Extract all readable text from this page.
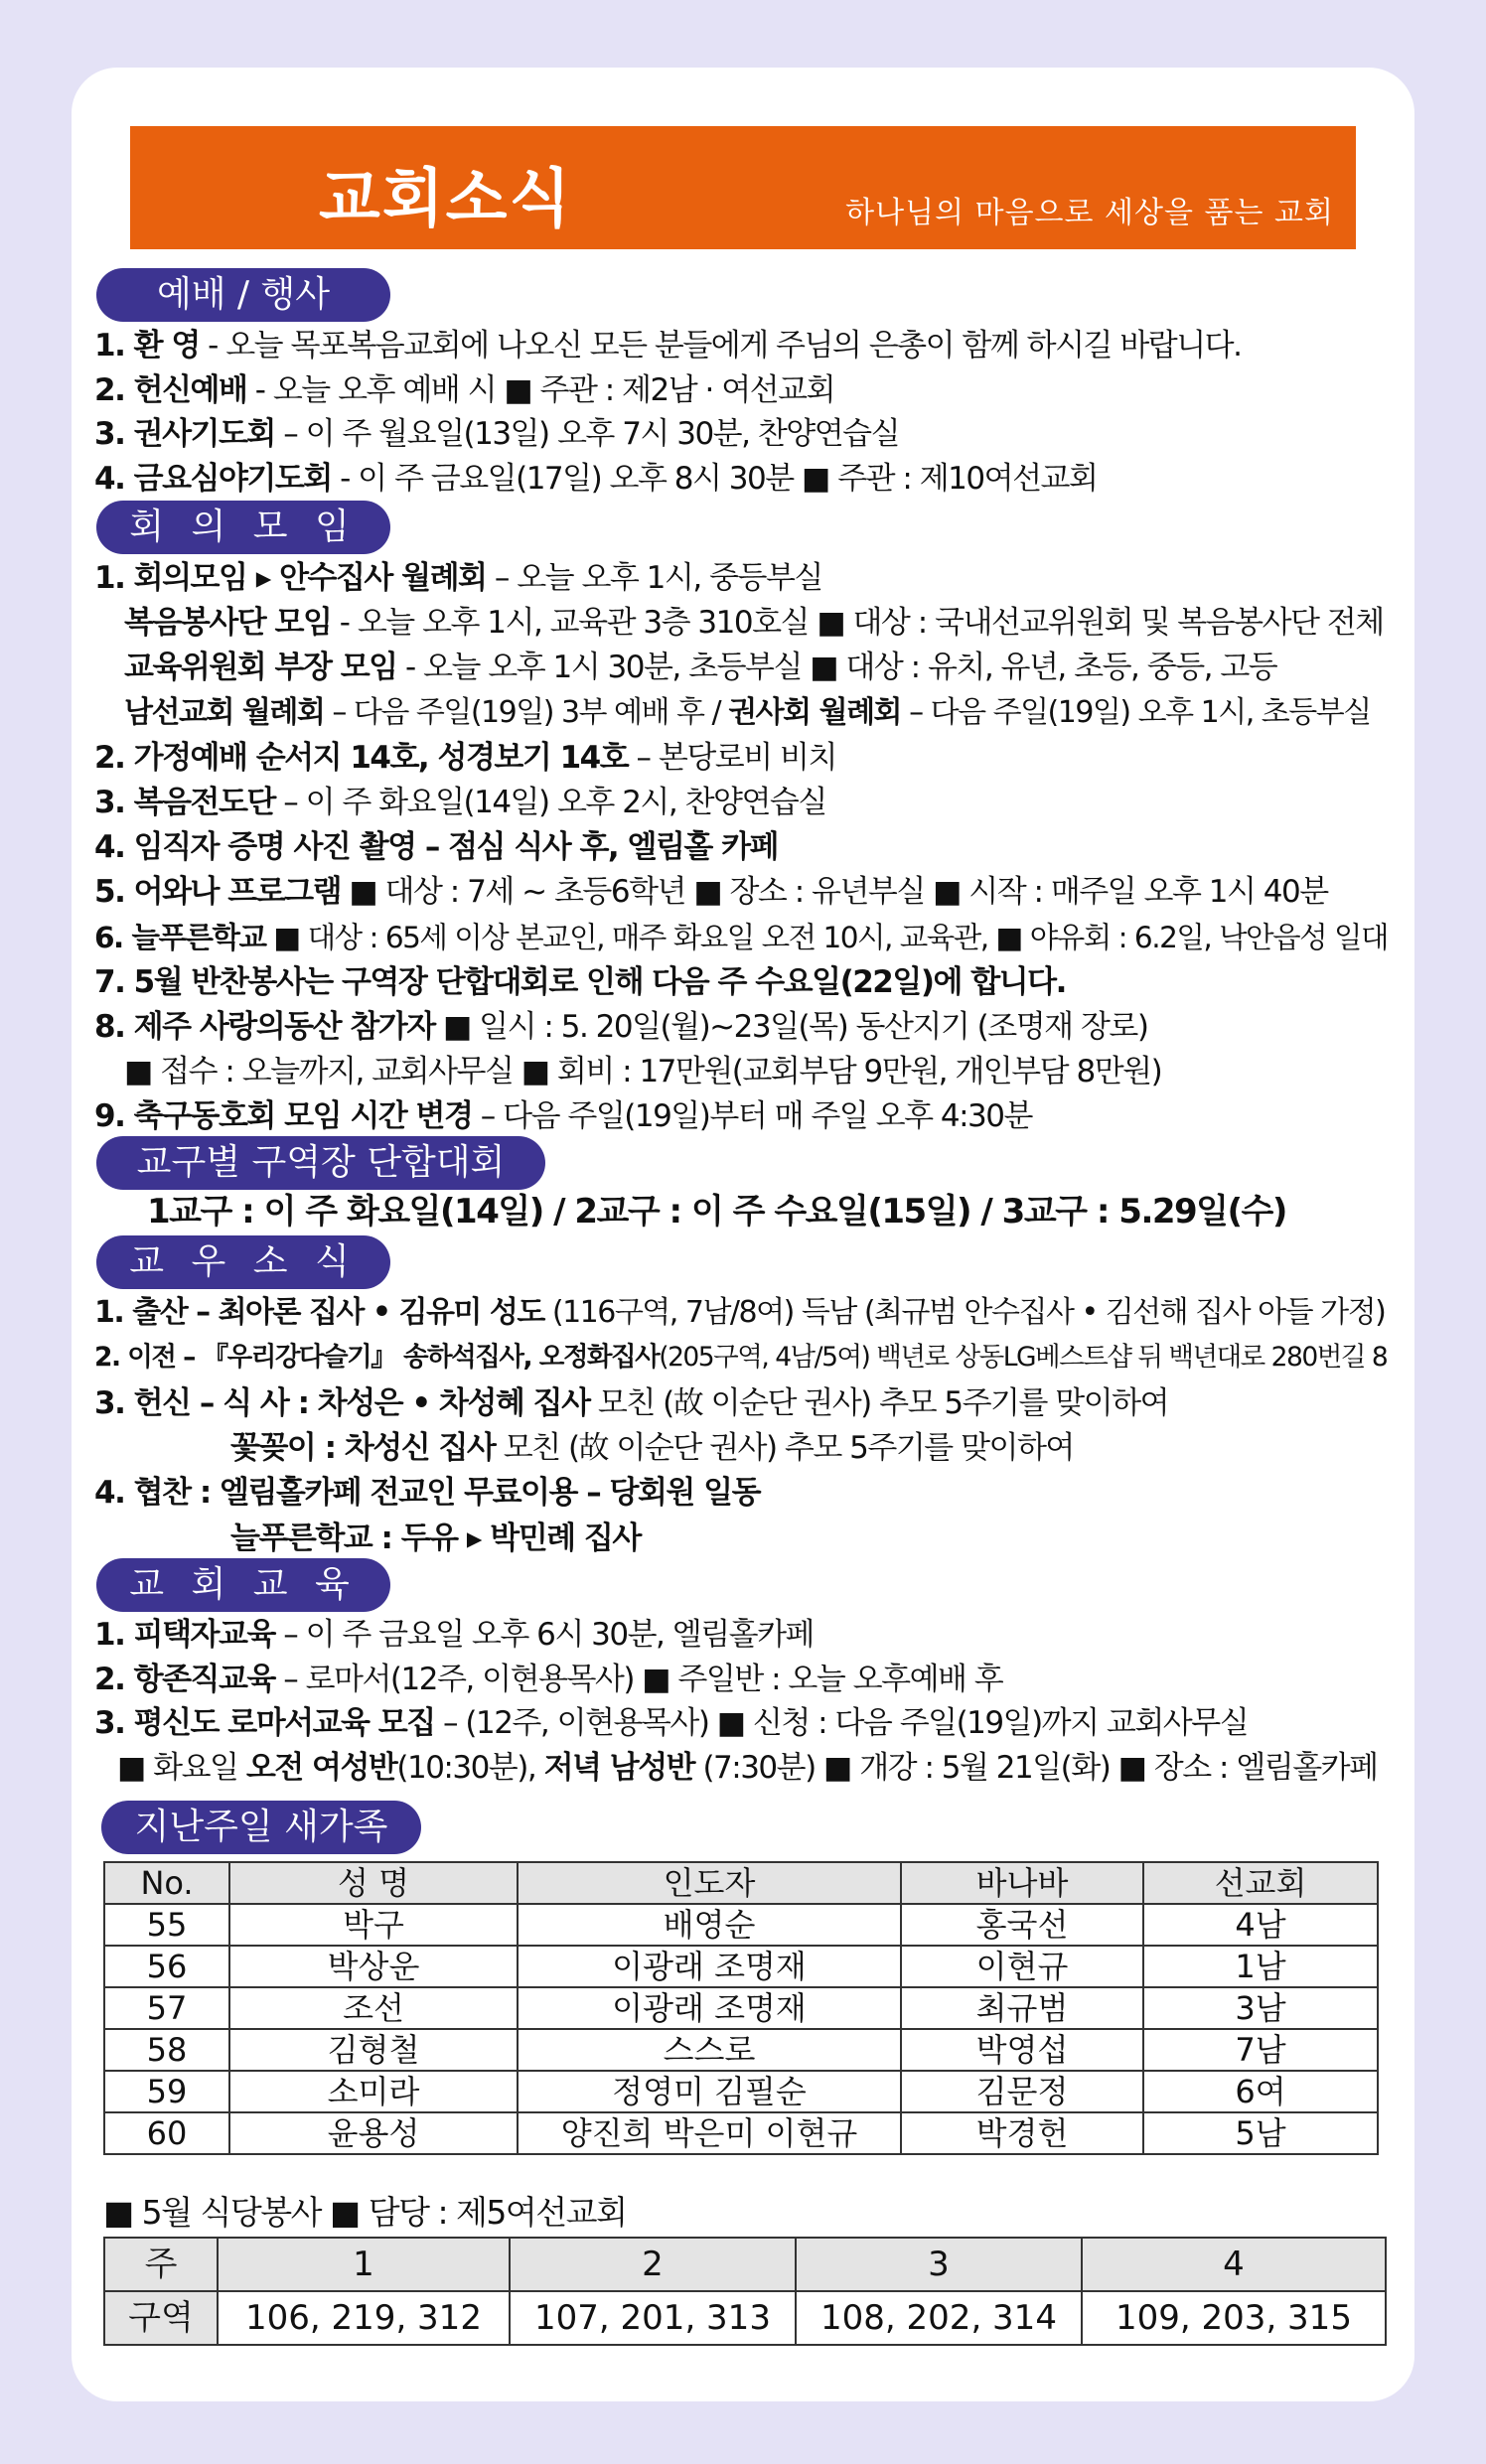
교회소식	하나님의 마음으로 세상을 품는 교회
예배 / 행사
1. 환 영 - 오늘 목포복음교회에 나오신 모든 분들에게 주님의 은총이 함께 하시길 바랍니다.
2. 헌신예배 - 오늘 오후 예배 시 ■ 주관 : 제2남 · 여선교회
3. 권사기도회 – 이 주 월요일(13일) 오후 7시 30분, 찬양연습실
4. 금요심야기도회 - 이 주 금요일(17일) 오후 8시 30분 ■ 주관 : 제10여선교회
회 의 모 임
1. 회의모임 ▸ 안수집사 월례회 – 오늘 오후 1시, 중등부실
복음봉사단 모임 - 오늘 오후 1시, 교육관 3층 310호실 ■ 대상 : 국내선교위원회 및 복음봉사단 전체
교육위원회 부장 모임 - 오늘 오후 1시 30분, 초등부실 ■ 대상 : 유치, 유년, 초등, 중등, 고등
남선교회 월례회 – 다음 주일(19일) 3부 예배 후 / 권사회 월례회 – 다음 주일(19일) 오후 1시, 초등부실
2. 가정예배 순서지 14호, 성경보기 14호 – 본당로비 비치
3. 복음전도단 – 이 주 화요일(14일) 오후 2시, 찬양연습실
4. 임직자 증명 사진 촬영 – 점심 식사 후, 엘림홀 카페
5. 어와나 프로그램 ■ 대상 : 7세 ~ 초등6학년 ■ 장소 : 유년부실 ■ 시작 : 매주일 오후 1시 40분
6. 늘푸른학교 ■ 대상 : 65세 이상 본교인, 매주 화요일 오전 10시, 교육관, ■ 야유회 : 6.2일, 낙안읍성 일대
7. 5월 반찬봉사는 구역장 단합대회로 인해 다음 주 수요일(22일)에 합니다.
8. 제주 사랑의동산 참가자 ■ 일시 : 5. 20일(월)~23일(목) 동산지기 (조명재 장로)
■ 접수 : 오늘까지, 교회사무실 ■ 회비 : 17만원(교회부담 9만원, 개인부담 8만원)
9. 축구동호회 모임 시간 변경 – 다음 주일(19일)부터 매 주일 오후 4:30분
교구별 구역장 단합대회
1교구 : 이 주 화요일(14일) / 2교구 : 이 주 수요일(15일) / 3교구 : 5.29일(수)
교 우 소 식
1. 출산 – 최아론 집사 • 김유미 성도 (116구역, 7남/8여) 득남 (최규범 안수집사 • 김선해 집사 아들 가정)
2. 이전 – 『우리강다슬기』 송하석집사, 오정화집사(205구역, 4남/5여) 백년로 상동LG베스트샵 뒤 백년대로 280번길 8
3. 헌신 – 식 사 : 차성은 • 차성혜 집사 모친 (故 이순단 권사) 추모 5주기를 맞이하여
꽃꽂이 : 차성신 집사 모친 (故 이순단 권사) 추모 5주기를 맞이하여
4. 협찬 : 엘림홀카페 전교인 무료이용 – 당회원 일동
늘푸른학교 : 두유 ▸ 박민례 집사
교 회 교 육
1. 피택자교육 – 이 주 금요일 오후 6시 30분, 엘림홀카페
2. 항존직교육 – 로마서(12주, 이현용목사) ■ 주일반 : 오늘 오후예배 후
3. 평신도 로마서교육 모집 – (12주, 이현용목사) ■ 신청 : 다음 주일(19일)까지 교회사무실
■ 화요일 오전 여성반(10:30분), 저녁 남성반 (7:30분) ■ 개강 : 5월 21일(화) ■ 장소 : 엘림홀카페
지난주일 새가족
No.	성 명	인도자	바나바	선교회
55	박구	배영순	홍국선	4남
56	박상운	이광래 조명재	이현규	1남
57	조선	이광래 조명재	최규범	3남
58	김형철	스스로	박영섭	7남
59	소미라	정영미 김필순	김문정	6여
60	윤용성	양진희 박은미 이현규	박경헌	5남
■ 5월 식당봉사 ■ 담당 : 제5여선교회
주	1	2	3	4
구역	106, 219, 312	107, 201, 313	108, 202, 314	109, 203, 315
